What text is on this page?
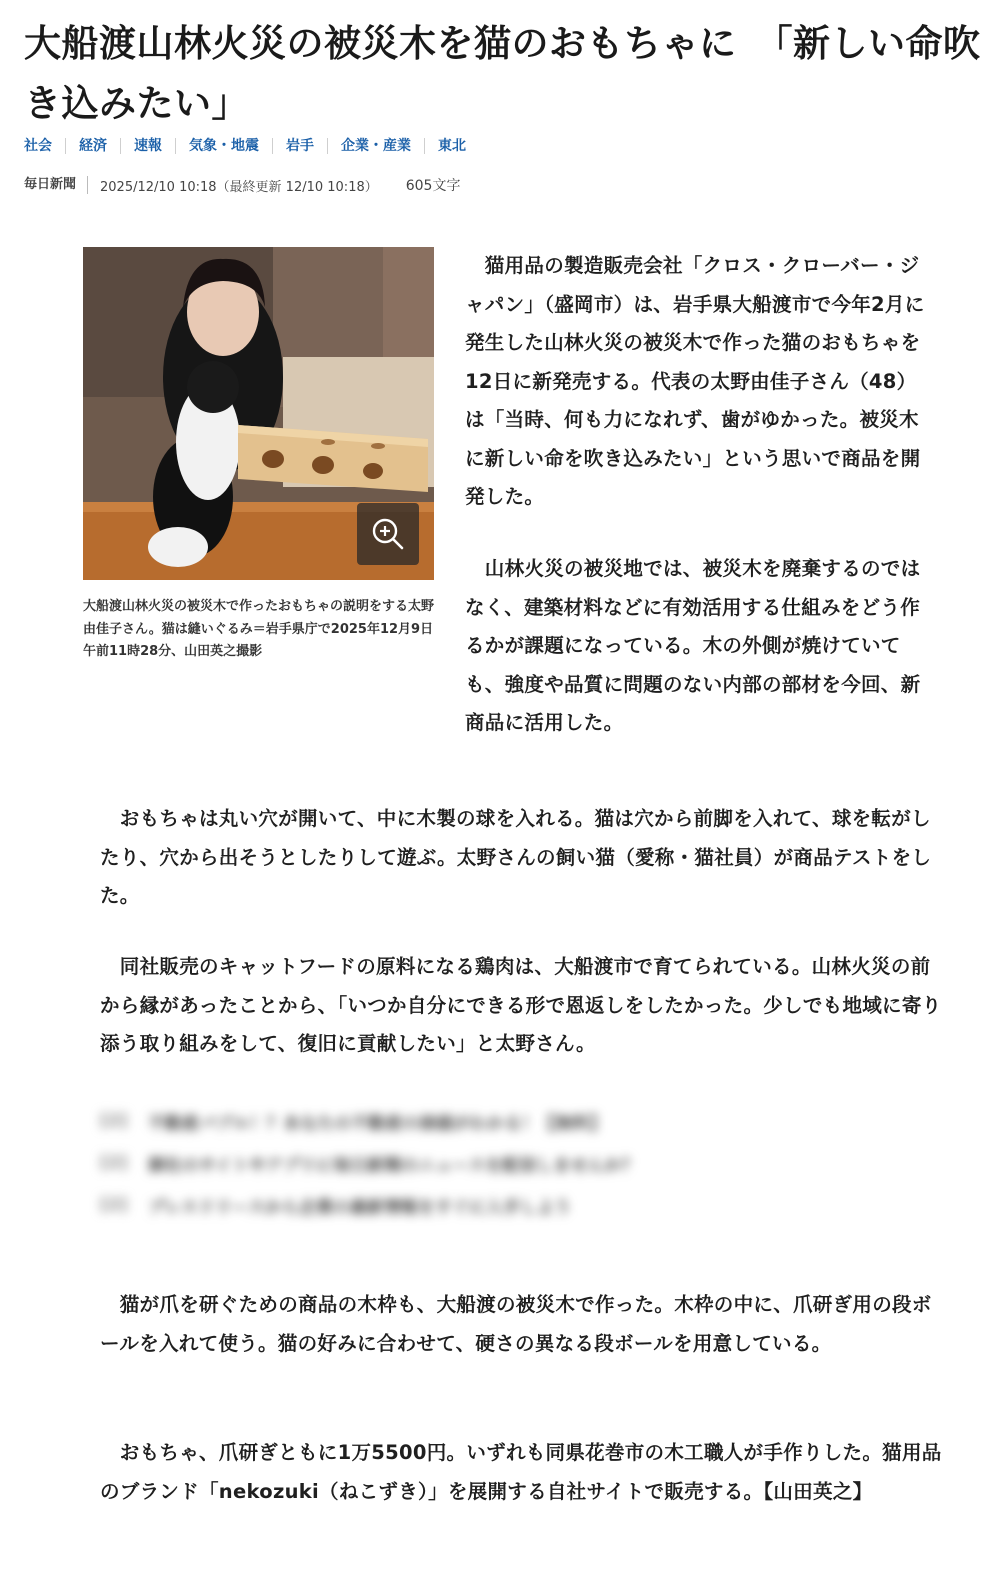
大船渡山林火災の被災木を猫のおもちゃに　「新しい命吹き込みたい」
社会	経済	速報	気象・地震	岩手	企業・産業	東北
毎日新聞	2025/12/10 10:18（最終更新 12/10 10:18）	605文字

大船渡山林火災の被災木で作ったおもちゃの説明をする太野由佳子さん。猫は縫いぐるみ＝岩手県庁で2025年12月9日午前11時28分、山田英之撮影

　猫用品の製造販売会社「クロス・クローバー・ジャパン」（盛岡市）は、岩手県大船渡市で今年2月に発生した山林火災の被災木で作った猫のおもちゃを12日に新発売する。代表の太野由佳子さん（48）は「当時、何も力になれず、歯がゆかった。被災木に新しい命を吹き込みたい」という思いで商品を開発した。

　山林火災の被災地では、被災木を廃棄するのではなく、建築材料などに有効活用する仕組みをどう作るかが課題になっている。木の外側が焼けていても、強度や品質に問題のない内部の部材を今回、新商品に活用した。

　おもちゃは丸い穴が開いて、中に木製の球を入れる。猫は穴から前脚を入れて、球を転がしたり、穴から出そうとしたりして遊ぶ。太野さんの飼い猫（愛称・猫社員）が商品テストをした。

　同社販売のキャットフードの原料になる鶏肉は、大船渡市で育てられている。山林火災の前から縁があったことから、「いつか自分にできる形で恩返しをしたかった。少しでも地域に寄り添う取り組みをして、復旧に貢献したい」と太野さん。

[2]	不動産バブル！？あなたの不動産の価値がわかる！【無料】
[2]	御社のサイトやアプリに毎日新聞のニュースを配信しませんか？
[2]	プレスリリースから企業の最新情報をすぐに入手しよう

　猫が爪を研ぐための商品の木枠も、大船渡の被災木で作った。木枠の中に、爪研ぎ用の段ボールを入れて使う。猫の好みに合わせて、硬さの異なる段ボールを用意している。

　おもちゃ、爪研ぎともに1万5500円。いずれも同県花巻市の木工職人が手作りした。猫用品のブランド「nekozuki（ねこずき）」を展開する自社サイトで販売する。【山田英之】
